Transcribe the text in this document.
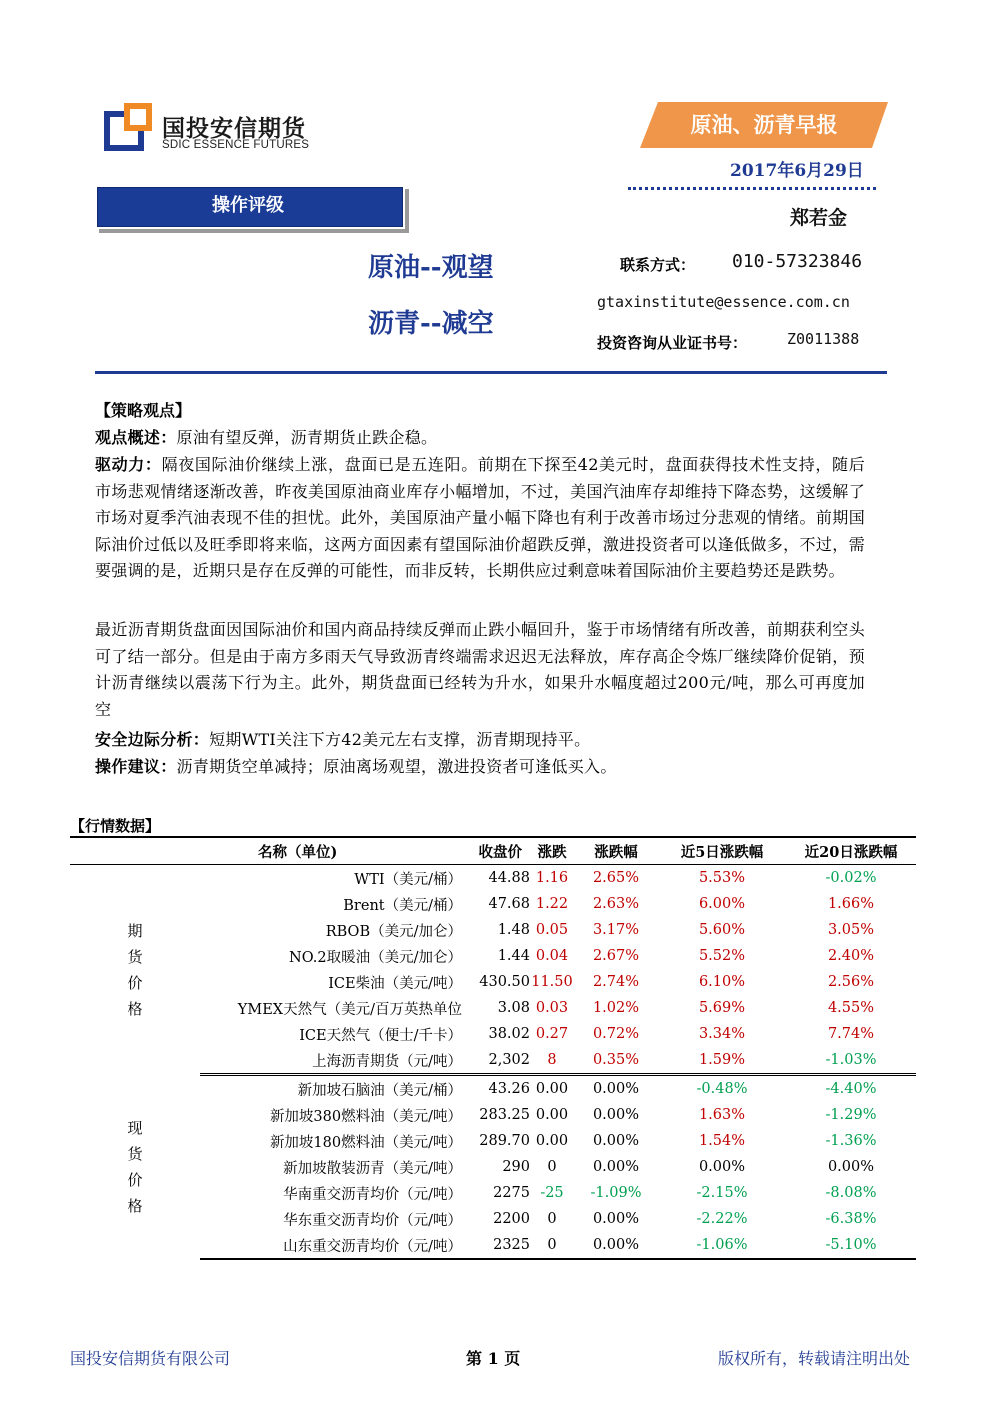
国投安信期货
SDIC ESSENCE FUTURES
原油、沥青早报
2017年6月29日
操作评级
郑若金
原油--观望
沥青--减空
联系方式： 010-57323846
gtaxinstitute@essence.com.cn
投资咨询从业证书号：	Z0011388
【策略观点】
观点概述：原油有望反弹，沥青期货止跌企稳。
驱动力：隔夜国际油价继续上涨，盘面已是五连阳。前期在下探至42美元时，盘面获得技术性支持，随后市场悲观情绪逐渐改善，昨夜美国原油商业库存小幅增加，不过，美国汽油库存却维持下降态势，这缓解了市场对夏季汽油表现不佳的担忧。此外，美国原油产量小幅下降也有利于改善市场过分悲观的情绪。前期国际油价过低以及旺季即将来临，这两方面因素有望国际油价超跌反弹，激进投资者可以逢低做多，不过，需要强调的是，近期只是存在反弹的可能性，而非反转，长期供应过剩意味着国际油价主要趋势还是跌势。
最近沥青期货盘面因国际油价和国内商品持续反弹而止跌小幅回升，鉴于市场情绪有所改善，前期获利空头可了结一部分。但是由于南方多雨天气导致沥青终端需求迟迟无法释放，库存高企令炼厂继续降价促销，预计沥青继续以震荡下行为主。此外，期货盘面已经转为升水，如果升水幅度超过200元/吨，那么可再度加空
安全边际分析：短期WTI关注下方42美元左右支撑，沥青期现持平。
操作建议：沥青期货空单减持；原油离场观望，激进投资者可逢低买入。
【行情数据】
	名称（单位)	收盘价	涨跌	涨跌幅	近5日涨跌幅	近20日涨跌幅

期
货
价
格	WTI（美元/桶）	44.88	1.16	2.65%	5.53%	-0.02%
	Brent（美元/桶）	47.68	1.22	2.63%	6.00%	1.66%
	RBOB（美元/加仑）	1.48	0.05	3.17%	5.60%	3.05%
	NO.2取暖油（美元/加仑）	1.44	0.04	2.67%	5.52%	2.40%
	ICE柴油（美元/吨）	430.50	11.50	2.74%	6.10%	2.56%
	YMEX天然气（美元/百万英热单位	3.08	0.03	1.02%	5.69%	4.55%
	ICE天然气（便士/千卡）	38.02	0.27	0.72%	3.34%	7.74%
	上海沥青期货（元/吨）	2,302	8	0.35%	1.59%	-1.03%

现
货
价
格	新加坡石脑油（美元/桶）	43.26	0.00	0.00%	-0.48%	-4.40%
	新加坡380燃料油（美元/吨）	283.25	0.00	0.00%	1.63%	-1.29%
	新加坡180燃料油（美元/吨）	289.70	0.00	0.00%	1.54%	-1.36%
	新加坡散装沥青（美元/吨）	290	0	0.00%	0.00%	0.00%
	华南重交沥青均价（元/吨）	2275	-25	-1.09%	-2.15%	-8.08%
	华东重交沥青均价（元/吨）	2200	0	0.00%	-2.22%	-6.38%
	山东重交沥青均价（元/吨）	2325	0	0.00%	-1.06%	-5.10%
国投安信期货有限公司	第 1 页	版权所有，转载请注明出处
